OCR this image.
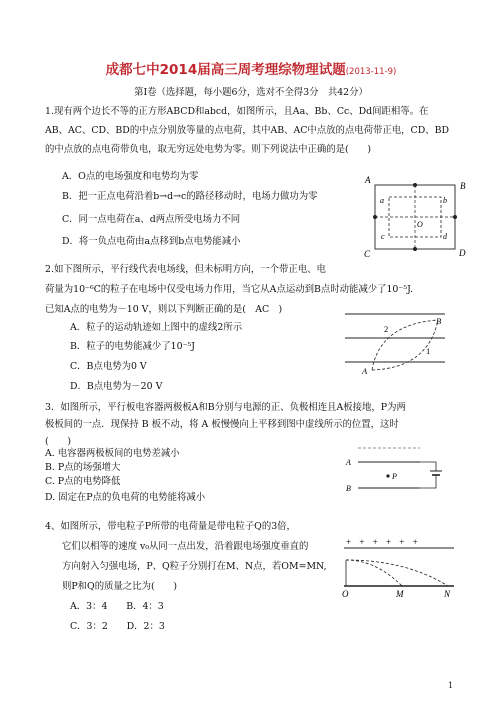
成都七中2014届高三周考理综物理试题(2013-11-9)
第Ⅰ卷（选择题，每小题6分，选对不全得3分　共42分）
1.现有两个边长不等的正方形ABCD和abcd，如图所示，且Aa、Bb、Cc、Dd间距相等。在
AB、AC、CD、BD的中点分别放等量的点电荷，其中AB、AC中点放的点电荷带正电，CD、BD
的中点放的点电荷带负电，取无穷远处电势为零。则下列说法中正确的是(　　)
A．O点的电场强度和电势均为零
B．把一正点电荷沿着b→d→c的路径移动时，电场力做功为零
C．同一点电荷在a、d两点所受电场力不同
D．将一负点电荷由a点移到b点电势能减小
A
B
C	D
a	b
c	d
O
2.如下图所示，平行线代表电场线，但未标明方向，一个带正电、电
荷量为10⁻⁶C的粒子在电场中仅受电场力作用，当它从A点运动到B点时动能减少了10⁻⁵J.
已知A点的电势为－10 V，则以下判断正确的是(　AC　)
A．粒子的运动轨迹如上图中的虚线2所示
B．粒子的电势能减少了10⁻⁵J
C．B点电势为0 V
D．B点电势为－20 V
A
B
2
1
3．如图所示，平行板电容器两极板A和B分别与电源的正、负极相连且A板接地，P为两
极板间的一点．现保持 B 板不动，将 A 板慢慢向上平移到图中虚线所示的位置，这时
(　　)
A. 电容器两极板间的电势差减小
B. P点的场强增大
C. P点的电势降低
D. 固定在P点的负电荷的电势能将减小
A
B
P
4、如图所示，带电粒子P所带的电荷量是带电粒子Q的3倍，
它们以相等的速度 v₀从同一点出发，沿着跟电场强度垂直的
方向射入匀强电场，P、Q粒子分别打在M、N点，若OM=MN,
则P和Q的质量之比为(　　)
A．3：4　　B．4：3
C．3：2　　D．2：3
+ + + + + +
O	M	N
1
